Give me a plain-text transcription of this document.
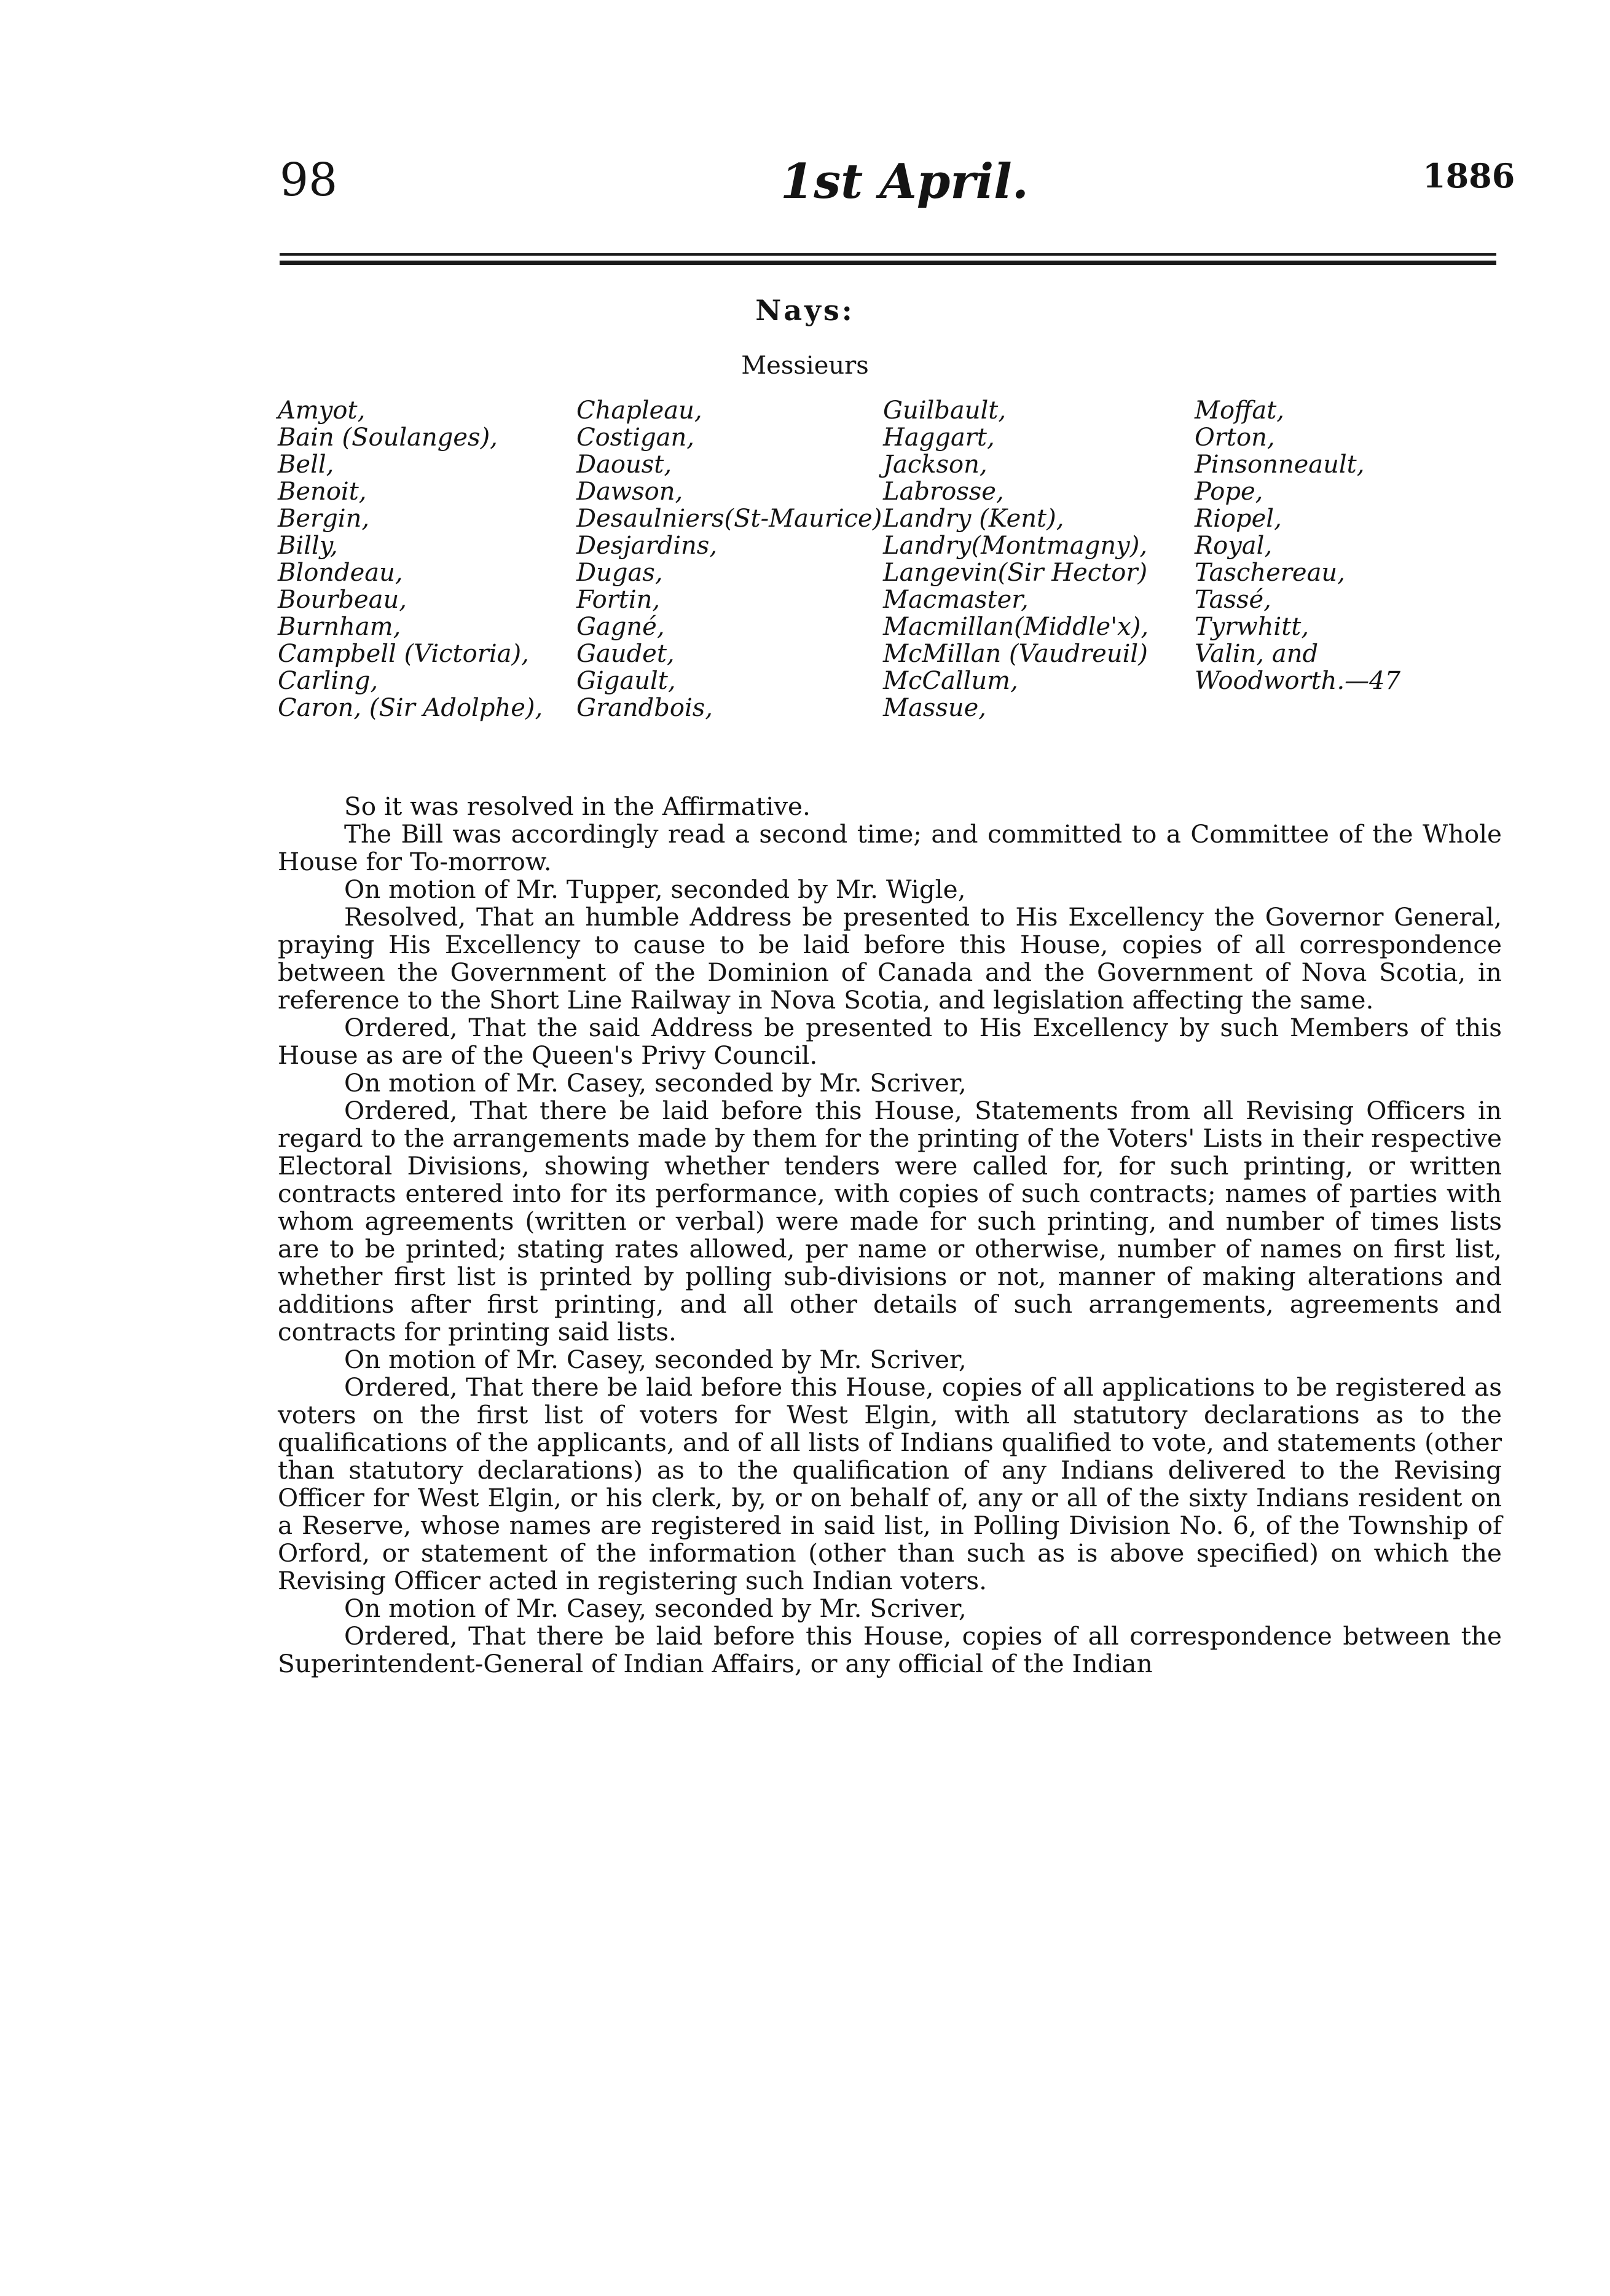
98	1st April.	1886
Nays:
Messieurs
Amyot,
Bain (Soulanges),
Bell,
Benoit,
Bergin,
Billy,
Blondeau,
Bourbeau,
Burnham,
Campbell (Victoria),
Carling,
Caron, (Sir Adolphe),
Chapleau,
Costigan,
Daoust,
Dawson,
Desaulniers(St-Maurice)
Desjardins,
Dugas,
Fortin,
Gagné,
Gaudet,
Gigault,
Grandbois,
Guilbault,
Haggart,
Jackson,
Labrosse,
Landry (Kent),
Landry(Montmagny),
Langevin(Sir Hector)
Macmaster,
Macmillan(Middle'x),
McMillan (Vaudreuil)
McCallum,
Massue,
Moffat,
Orton,
Pinsonneault,
Pope,
Riopel,
Royal,
Taschereau,
Tassé,
Tyrwhitt,
Valin, and
Woodworth.—47

So it was resolved in the Affirmative.

The Bill was accordingly read a second time; and committed to a Committee of the Whole House for To-morrow.

On motion of Mr. Tupper, seconded by Mr. Wigle,

Resolved, That an humble Address be presented to His Excellency the Governor General, praying His Excellency to cause to be laid before this House, copies of all correspondence between the Government of the Dominion of Canada and the Government of Nova Scotia, in reference to the Short Line Railway in Nova Scotia, and legislation affecting the same.

Ordered, That the said Address be presented to His Excellency by such Members of this House as are of the Queen's Privy Council.

On motion of Mr. Casey, seconded by Mr. Scriver,

Ordered, That there be laid before this House, Statements from all Revising Officers in regard to the arrangements made by them for the printing of the Voters' Lists in their respective Electoral Divisions, showing whether tenders were called for, for such printing, or written contracts entered into for its performance, with copies of such contracts; names of parties with whom agreements (written or verbal) were made for such printing, and number of times lists are to be printed; stating rates allowed, per name or otherwise, number of names on first list, whether first list is printed by polling sub-divisions or not, manner of making alterations and additions after first printing, and all other details of such arrangements, agreements and contracts for printing said lists.

On motion of Mr. Casey, seconded by Mr. Scriver,

Ordered, That there be laid before this House, copies of all applications to be registered as voters on the first list of voters for West Elgin, with all statutory declarations as to the qualifications of the applicants, and of all lists of Indians qualified to vote, and statements (other than statutory declarations) as to the qualification of any Indians delivered to the Revising Officer for West Elgin, or his clerk, by, or on behalf of, any or all of the sixty Indians resident on a Reserve, whose names are registered in said list, in Polling Division No. 6, of the Township of Orford, or statement of the information (other than such as is above specified) on which the Revising Officer acted in registering such Indian voters.

On motion of Mr. Casey, seconded by Mr. Scriver,

Ordered, That there be laid before this House, copies of all correspondence between the Superintendent-General of Indian Affairs, or any official of the Indian
